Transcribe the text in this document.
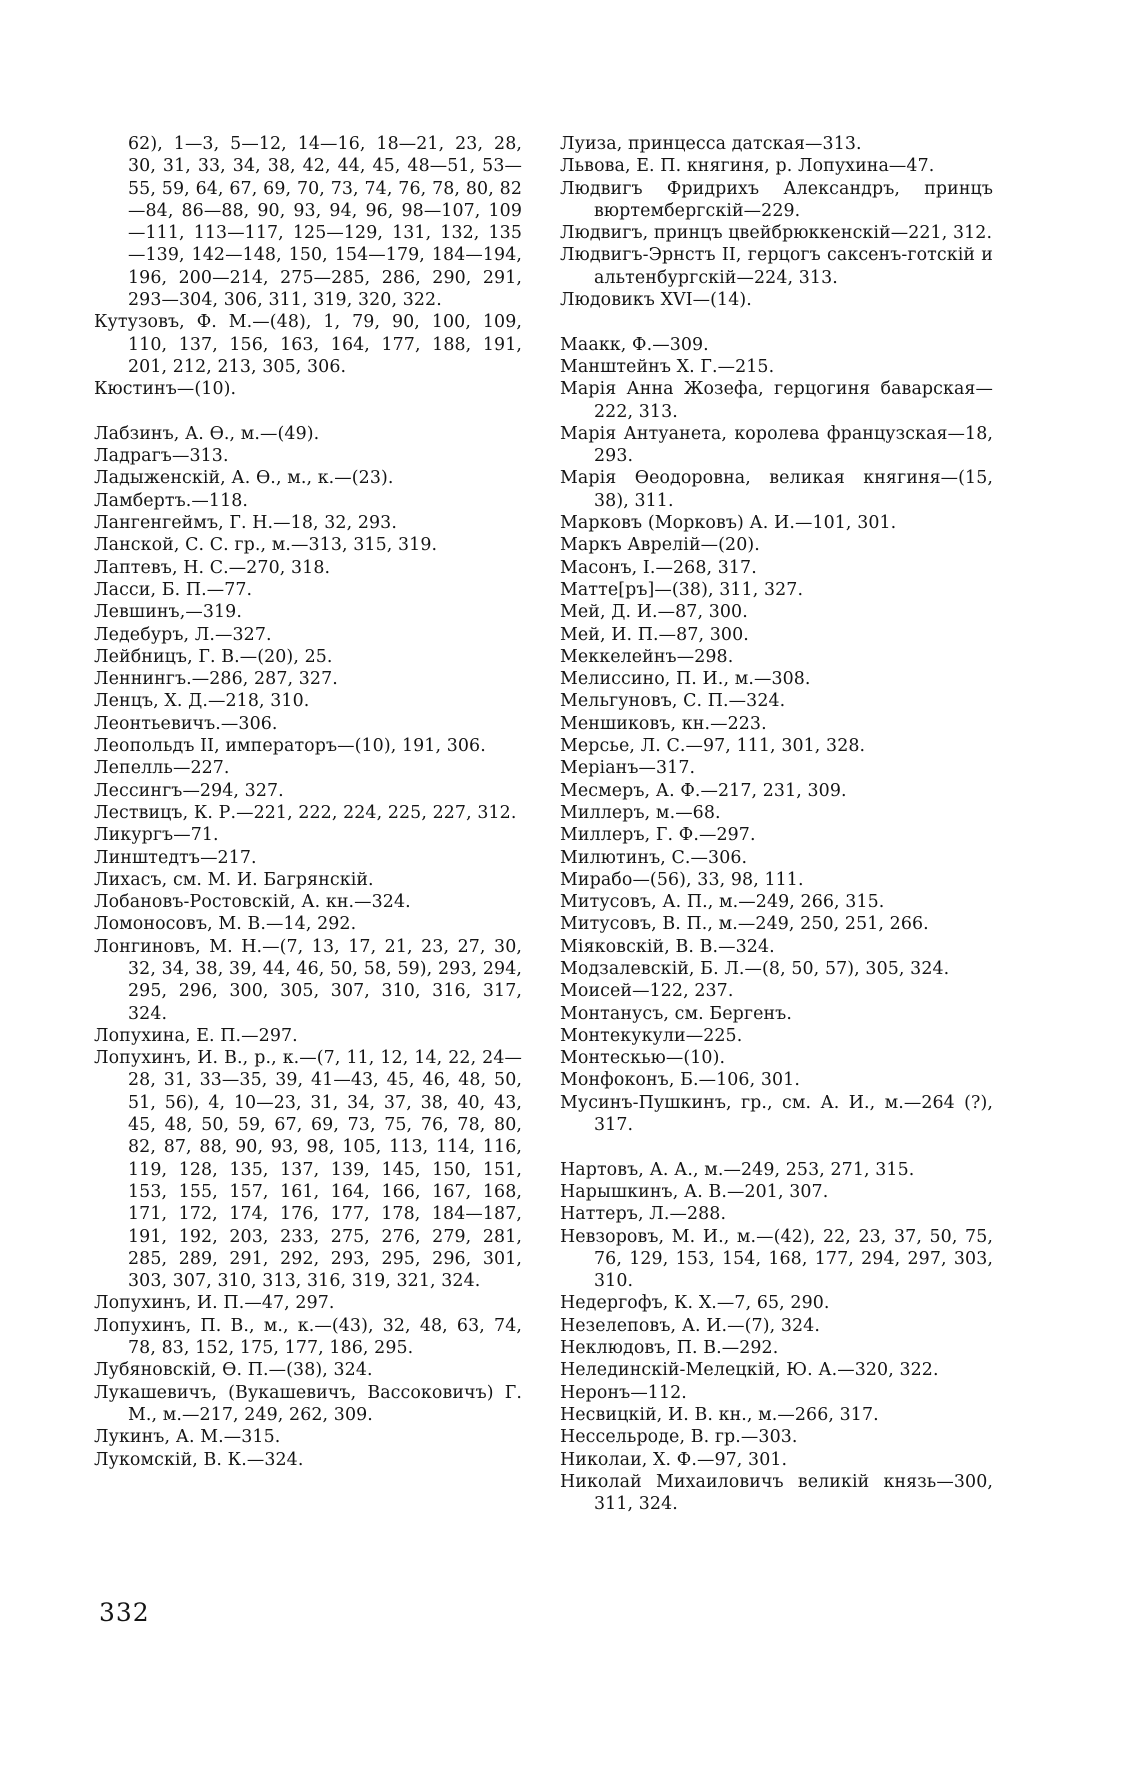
62), 1—3, 5—12, 14—16, 18—21, 23, 28, 30, 31, 33, 34, 38, 42, 44, 45, 48—51, 53—55, 59, 64, 67, 69, 70, 73, 74, 76, 78, 80, 82—84, 86—88, 90, 93, 94, 96, 98—107, 109—111, 113—117, 125—129, 131, 132, 135—139, 142—148, 150, 154—179, 184—194, 196, 200—214, 275—285, 286, 290, 291, 293—304, 306, 311, 319, 320, 322.

Кутузовъ, Ф. М.—(48), 1, 79, 90, 100, 109, 110, 137, 156, 163, 164, 177, 188, 191, 201, 212, 213, 305, 306.

Кюстинъ—(10).

Лабзинъ, А. Ѳ., м.—(49).

Ладрагъ—313.

Ладыженскій, А. Ѳ., м., к.—(23).

Ламбертъ.—118.

Лангенгеймъ, Г. Н.—18, 32, 293.

Ланской, С. С. гр., м.—313, 315, 319.

Лаптевъ, Н. С.—270, 318.

Ласси, Б. П.—77.

Левшинъ,—319.

Ледебуръ, Л.—327.

Лейбницъ, Г. В.—(20), 25.

Леннингъ.—286, 287, 327.

Ленцъ, Х. Д.—218, 310.

Леонтьевичъ.—306.

Леопольдъ II, императоръ—(10), 191, 306.

Лепелль—227.

Лессингъ—294, 327.

Лествицъ, К. Р.—221, 222, 224, 225, 227, 312.

Ликургъ—71.

Линштедтъ—217.

Лихасъ, см. М. И. Багрянскій.

Лобановъ-Ростовскій, А. кн.—324.

Ломоносовъ, М. В.—14, 292.

Лонгиновъ, М. Н.—(7, 13, 17, 21, 23, 27, 30, 32, 34, 38, 39, 44, 46, 50, 58, 59), 293, 294, 295, 296, 300, 305, 307, 310, 316, 317, 324.

Лопухина, Е. П.—297.

Лопухинъ, И. В., р., к.—(7, 11, 12, 14, 22, 24—28, 31, 33—35, 39, 41—43, 45, 46, 48, 50, 51, 56), 4, 10—23, 31, 34, 37, 38, 40, 43, 45, 48, 50, 59, 67, 69, 73, 75, 76, 78, 80, 82, 87, 88, 90, 93, 98, 105, 113, 114, 116, 119, 128, 135, 137, 139, 145, 150, 151, 153, 155, 157, 161, 164, 166, 167, 168, 171, 172, 174, 176, 177, 178, 184—187, 191, 192, 203, 233, 275, 276, 279, 281, 285, 289, 291, 292, 293, 295, 296, 301, 303, 307, 310, 313, 316, 319, 321, 324.

Лопухинъ, И. П.—47, 297.

Лопухинъ, П. В., м., к.—(43), 32, 48, 63, 74, 78, 83, 152, 175, 177, 186, 295.

Лубяновскій, Ѳ. П.—(38), 324.

Лукашевичъ, (Вукашевичъ, Вассоковичъ) Г. М., м.—217, 249, 262, 309.

Лукинъ, А. М.—315.

Лукомскій, В. К.—324.

Луиза, принцесса датская—313.

Львова, Е. П. княгиня, р. Лопухина—47.

Людвигъ Фридрихъ Александръ, принцъ вюртембергскій—229.

Людвигъ, принцъ цвейбрюккенскій—221, 312.

Людвигъ-Эрнстъ II, герцогъ саксенъ-готскій и альтенбургскій—224, 313.

Людовикъ XVI—(14).

Маакк, Ф.—309.

Манштейнъ Х. Г.—215.

Марія Анна Жозефа, герцогиня баварская—222, 313.

Марія Антуанета, королева французская—18, 293.

Марія Ѳеодоровна, великая княгиня—(15, 38), 311.

Марковъ (Морковъ) А. И.—101, 301.

Маркъ Аврелій—(20).

Масонъ, І.—268, 317.

Матте[ръ]—(38), 311, 327.

Мей, Д. И.—87, 300.

Мей, И. П.—87, 300.

Меккелейнъ—298.

Мелиссино, П. И., м.—308.

Мельгуновъ, С. П.—324.

Меншиковъ, кн.—223.

Мерсье, Л. С.—97, 111, 301, 328.

Меріанъ—317.

Месмеръ, А. Ф.—217, 231, 309.

Миллеръ, м.—68.

Миллеръ, Г. Ф.—297.

Милютинъ, С.—306.

Мирабо—(56), 33, 98, 111.

Митусовъ, А. П., м.—249, 266, 315.

Митусовъ, В. П., м.—249, 250, 251, 266.

Міяковскій, В. В.—324.

Модзалевскій, Б. Л.—(8, 50, 57), 305, 324.

Моисей—122, 237.

Монтанусъ, см. Бергенъ.

Монтекукули—225.

Монтескью—(10).

Монфоконъ, Б.—106, 301.

Мусинъ-Пушкинъ, гр., см. А. И., м.—264 (?), 317.

Нартовъ, А. А., м.—249, 253, 271, 315.

Нарышкинъ, А. В.—201, 307.

Наттеръ, Л.—288.

Невзоровъ, М. И., м.—(42), 22, 23, 37, 50, 75, 76, 129, 153, 154, 168, 177, 294, 297, 303, 310.

Недергофъ, К. Х.—7, 65, 290.

Незелеповъ, А. И.—(7), 324.

Неклюдовъ, П. В.—292.

Нелединскій-Мелецкій, Ю. А.—320, 322.

Неронъ—112.

Несвицкій, И. В. кн., м.—266, 317.

Нессельроде, В. гр.—303.

Николаи, Х. Ф.—97, 301.

Николай Михаиловичъ великій князь—300, 311, 324.

332
